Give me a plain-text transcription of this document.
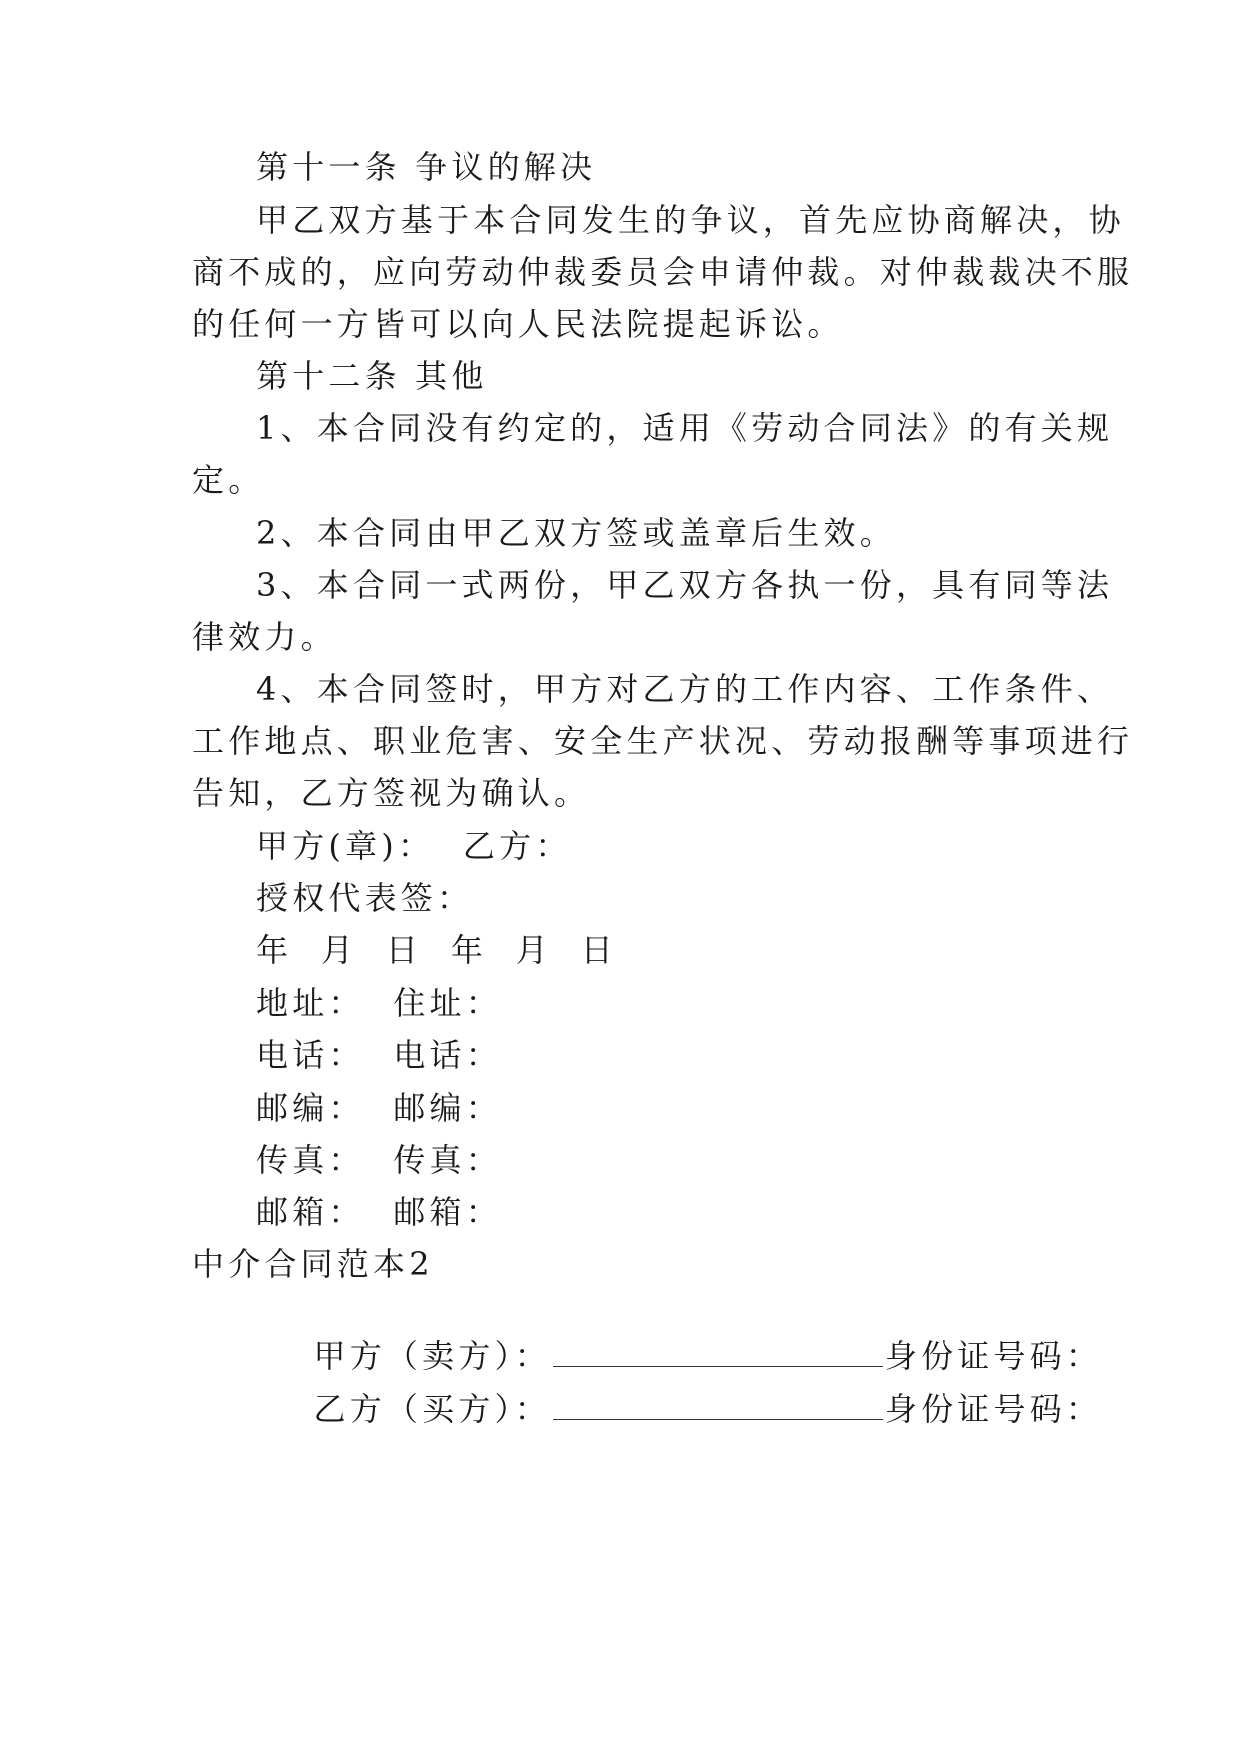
第十一条 争议的解决
甲乙双方基于本合同发生的争议，首先应协商解决，协
商不成的，应向劳动仲裁委员会申请仲裁。对仲裁裁决不服
的任何一方皆可以向人民法院提起诉讼。
第十二条 其他
1、本合同没有约定的，适用《劳动合同法》的有关规
定。
2、本合同由甲乙双方签或盖章后生效。
3、本合同一式两份，甲乙双方各执一份，具有同等法
律效力。
4、本合同签时，甲方对乙方的工作内容、工作条件、
工作地点、职业危害、安全生产状况、劳动报酬等事项进行
告知，乙方签视为确认。
甲方(章)：  乙方：
授权代表签：
年  月  日  年  月  日
地址：  住址：
电话：  电话：
邮编：  邮编：
传真：  传真：
邮箱：  邮箱：
中介合同范本2

甲方（卖方）：	身份证号码：

乙方（买方）：	身份证号码：
